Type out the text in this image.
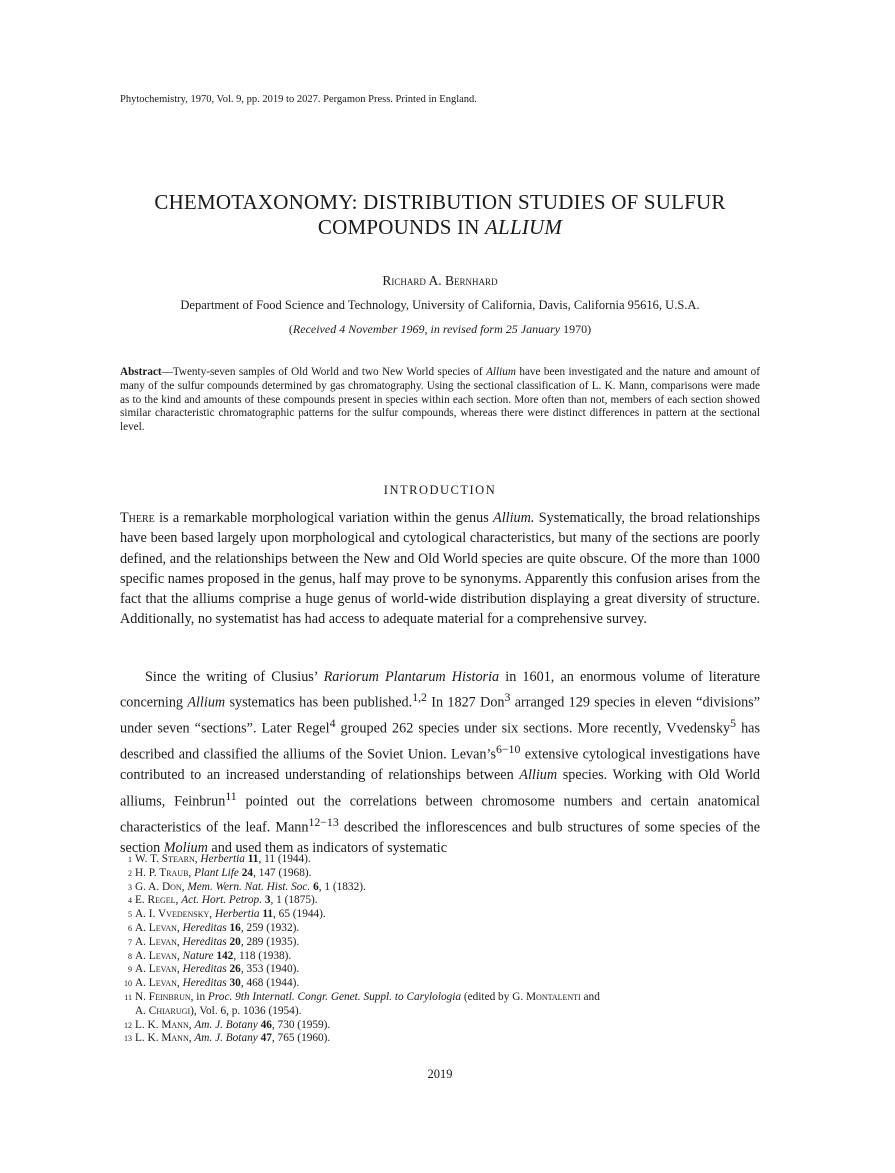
Phytochemistry, 1970, Vol. 9, pp. 2019 to 2027. Pergamon Press. Printed in England.
CHEMOTAXONOMY: DISTRIBUTION STUDIES OF SULFUR
COMPOUNDS IN ALLIUM
Richard A. Bernhard
Department of Food Science and Technology, University of California, Davis, California 95616, U.S.A.
(Received 4 November 1969, in revised form 25 January 1970)
Abstract—Twenty-seven samples of Old World and two New World species of Allium have been investigated and the nature and amount of many of the sulfur compounds determined by gas chromatography. Using the sectional classification of L. K. Mann, comparisons were made as to the kind and amounts of these compounds present in species within each section. More often than not, members of each section showed similar characteristic chromatographic patterns for the sulfur compounds, whereas there were distinct differences in pattern at the sectional level.
INTRODUCTION
There is a remarkable morphological variation within the genus Allium. Systematically, the broad relationships have been based largely upon morphological and cytological characteristics, but many of the sections are poorly defined, and the relationships between the New and Old World species are quite obscure. Of the more than 1000 specific names proposed in the genus, half may prove to be synonyms. Apparently this confusion arises from the fact that the alliums comprise a huge genus of world-wide distribution displaying a great diversity of structure. Additionally, no systematist has had access to adequate material for a comprehensive survey.
Since the writing of Clusius’ Rariorum Plantarum Historia in 1601, an enormous volume of literature concerning Allium systematics has been published.$^{1,2}$ In 1827 Don$^3$ arranged 129 species in eleven “divisions” under seven “sections”. Later Regel$^4$ grouped 262 species under six sections. More recently, Vvedensky$^5$ has described and classified the alliums of the Soviet Union. $Levan’s^{6-10}$ extensive cytological investigations have contributed to an increased understanding of relationships between Allium species. Working with Old World alliums, Feinbrun$^{11}$ pointed out the correlations between chromosome numbers and certain anatomical characteristics of the leaf. Mann$^{12-13}$ described the inflorescences and bulb structures of some species of the section Molium and used them as indicators of systematic
1 W. T. Stearn, Herbertia 11, 11 (1944).
2 H. P. Traub, Plant Life 24, 147 (1968).
3 G. A. Don, Mem. Wern. Nat. Hist. Soc. 6, 1 (1832).
4 E. Regel, Act. Hort. Petrop. 3, 1 (1875).
5 A. I. Vvedensky, Herbertia 11, 65 (1944).
6 A. Levan, Hereditas 16, 259 (1932).
7 A. Levan, Hereditas 20, 289 (1935).
8 A. Levan, Nature 142, 118 (1938).
9 A. Levan, Hereditas 26, 353 (1940).
10 A. Levan, Hereditas 30, 468 (1944).
11 N. Feinbrun, in Proc. 9th Internatl. Congr. Genet. Suppl. to Carylologia (edited by G. Montalenti and
A. Chiarugi), Vol. 6, p. 1036 (1954).
12 L. K. Mann, Am. J. Botany 46, 730 (1959).
13 L. K. Mann, Am. J. Botany 47, 765 (1960).
2019
